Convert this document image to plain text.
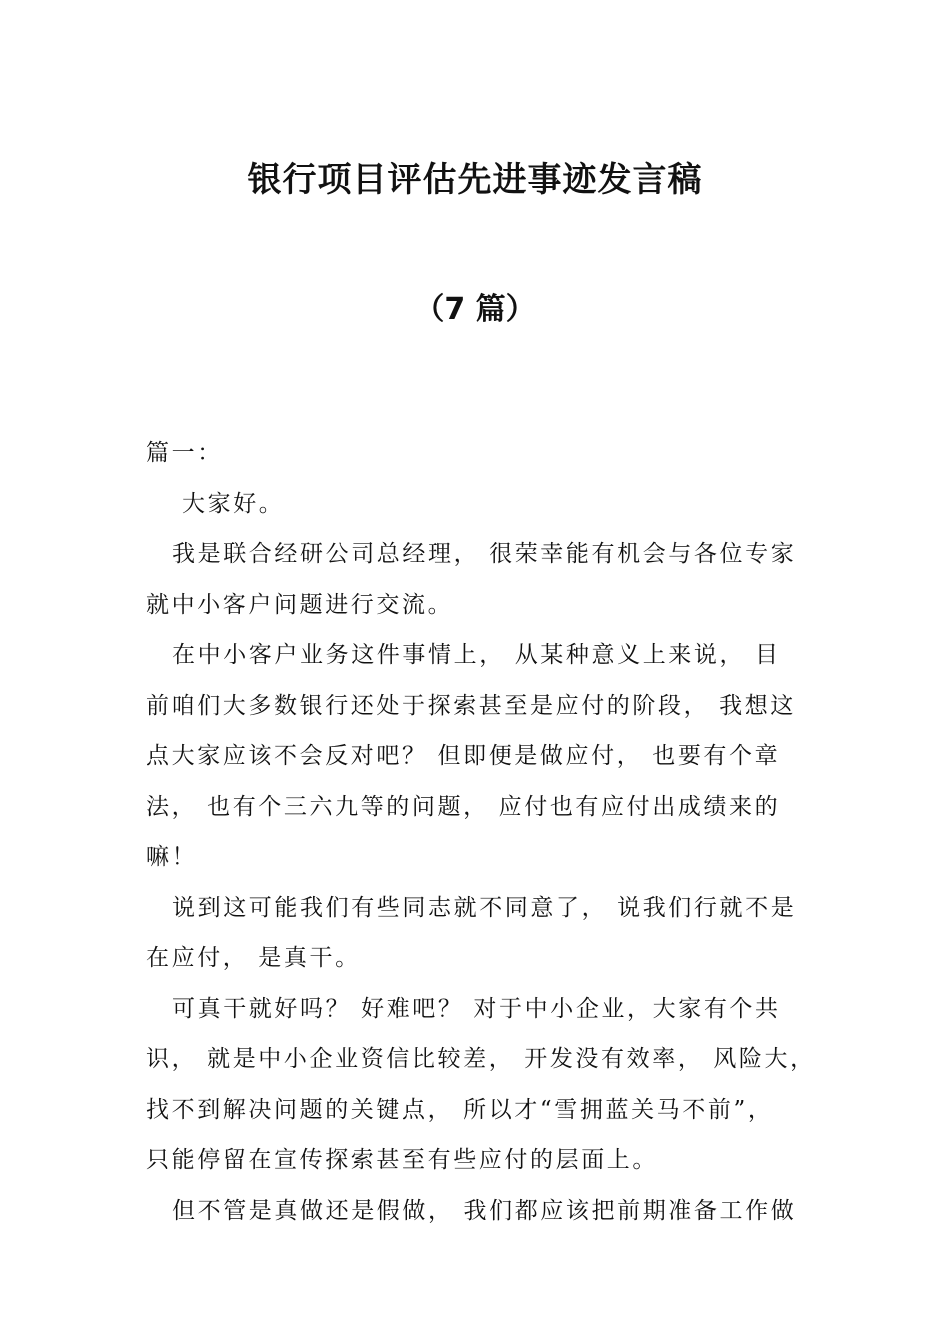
银行项目评估先进事迹发言稿
（7 篇）
篇一：
大家好。
我是联合经研公司总经理， 很荣幸能有机会与各位专家
就中小客户问题进行交流。
在中小客户业务这件事情上， 从某种意义上来说， 目
前咱们大多数银行还处于探索甚至是应付的阶段， 我想这
点大家应该不会反对吧？ 但即便是做应付， 也要有个章
法， 也有个三六九等的问题， 应付也有应付出成绩来的
嘛！
说到这可能我们有些同志就不同意了， 说我们行就不是
在应付， 是真干。
可真干就好吗？ 好难吧？ 对于中小企业，大家有个共
识， 就是中小企业资信比较差， 开发没有效率， 风险大，
找不到解决问题的关键点， 所以才“雪拥蓝关马不前”，
只能停留在宣传探索甚至有些应付的层面上。
但不管是真做还是假做， 我们都应该把前期准备工作做
